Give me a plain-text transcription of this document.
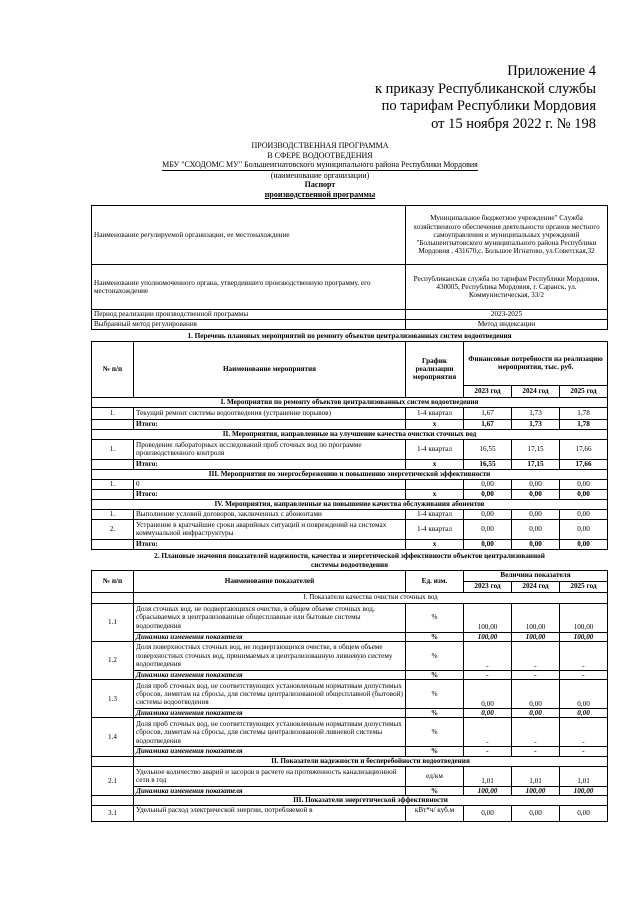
Приложение 4
к приказу Республиканской службы
по тарифам Республики Мордовия
от 15 ноября 2022 г. № 198
ПРОИЗВОДСТВЕННАЯ ПРОГРАММА
В СФЕРЕ ВОДООТВЕДЕНИЯ
МБУ "СХОДОМС МУ" Большеигнатовского муниципального района Республики Мордовия
(наименование организации)
Паспорт
производственной программы
Наименование регулируемой организации, ее местонахождение	Муниципальное бюджетное учреждение" Служба хозяйственного обеспечения деятельности органов местного самоуправления и муниципальных учреждений "Большеигнатовского муниципального района Республики Мордовия , 431670,с. Большое Игнатово, ул.Советская,32
Наименование уполномоченного органа, утвердившего производственную программу, его местонахождение	Республиканская служба по тарифам Республики Мордовия, 430005, Республика Мордовия, г. Саранск, ул. Коммунистическая, 33/2
Период реализации производственной программы	2023-2025
Выбранный метод регулирования	Метод индексации
1. Перечень плановых мероприятий по ремонту объектов централизованных систем водоотведения					
№ п/п	Наименование мероприятия	График реализации мероприятия	Финансовые потребности на реализацию мероприятия, тыс. руб.		
			2023 год	2024 год	2025 год
I. Мероприятия по ремонту объектов централизованных систем водоотведения					
1.	Текущий ремонт системы водоотведения (устранение порывов)	1-4 квартал	1,67	1,73	1,78
	Итого:	х	1,67	1,73	1,78
II. Мероприятия, направленные на улучшение качества очистки сточных вод					
1.	Проведение лабораторных исследований проб сточных вод по программе производственного контроля	1-4 квартал	16,55	17,15	17,66
	Итого:	х	16,55	17,15	17,66
III. Мероприятия по энергосбережению и повышению энергетической эффективности					
1.	0		0,00	0,00	0,00
	Итого:	х	0,00	0,00	0,00
IV. Мероприятия, направленные на повышение качества обслуживания абонентов					
1.	Выполнение условий договоров, заключенных с абонентами	1-4 квартал	0,00	0,00	0,00
2.	Устранение в кратчайшие сроки аварийных ситуаций и повреждений на системах коммунальной инфраструктуры	1-4 квартал	0,00	0,00	0,00
	Итого:	х	0,00	0,00	0,00
2. Плановые значения показателей надежности, качества и энергетической эффективности объектов централизованной					
системы водоотведения					
№ п/п	Наименование показателей	Ед. изм.	Величина показателя		
			2023 год	2024 год	2025 год
	I. Показатели качества очистки сточных вод				
1.1	Доля сточных вод, не подвергающихся очистке, в общем объеме сточных вод, сбрасываемых в централизованные общесплавные или бытовые системы водоотведения	%	100,00	100,00	100,00
	Динамика изменения показателя	%	100,00	100,00	100,00
1.2	Доля поверхностных сточных вод, не подвергающихся очистке, в общем объеме поверхностных сточных вод, принимаемых в централизованную ливневую систему водоотведения	%	-	-	-
	Динамика изменения показателя	%	-	-	-
1.3	Доля проб сточных вод, не соответствующих установленным нормативам допустимых сбросов, лимитам на сбросы, для системы централизованной общесплавной (бытовой) системы водоотведения	%	0,00	0,00	0,00
	Динамика изменения показателя	%	0,00	0,00	0,00
1.4	Доля проб сточных вод, не соответствующих установленным нормативам допустимых сбросов, лимитам на сбросы, для системы централизованной ливневой системы водоотведения	%	-	-	-
	Динамика изменения показателя	%	-	-	-
	II. Показатели надежности и бесперебойности водоотведения				
2.1	Удельное количество аварий и засоров в расчете на протяженность канализационной сети в год	ед/км	1,01	1,01	1,01
	Динамика изменения показателя	%	100,00	100,00	100,00
	III. Показатели энергетической эффективности				
3.1	Удельный расход электрической энергии, потребляемой в	кВт*ч/ куб.м	0,00	0,00	0,00
